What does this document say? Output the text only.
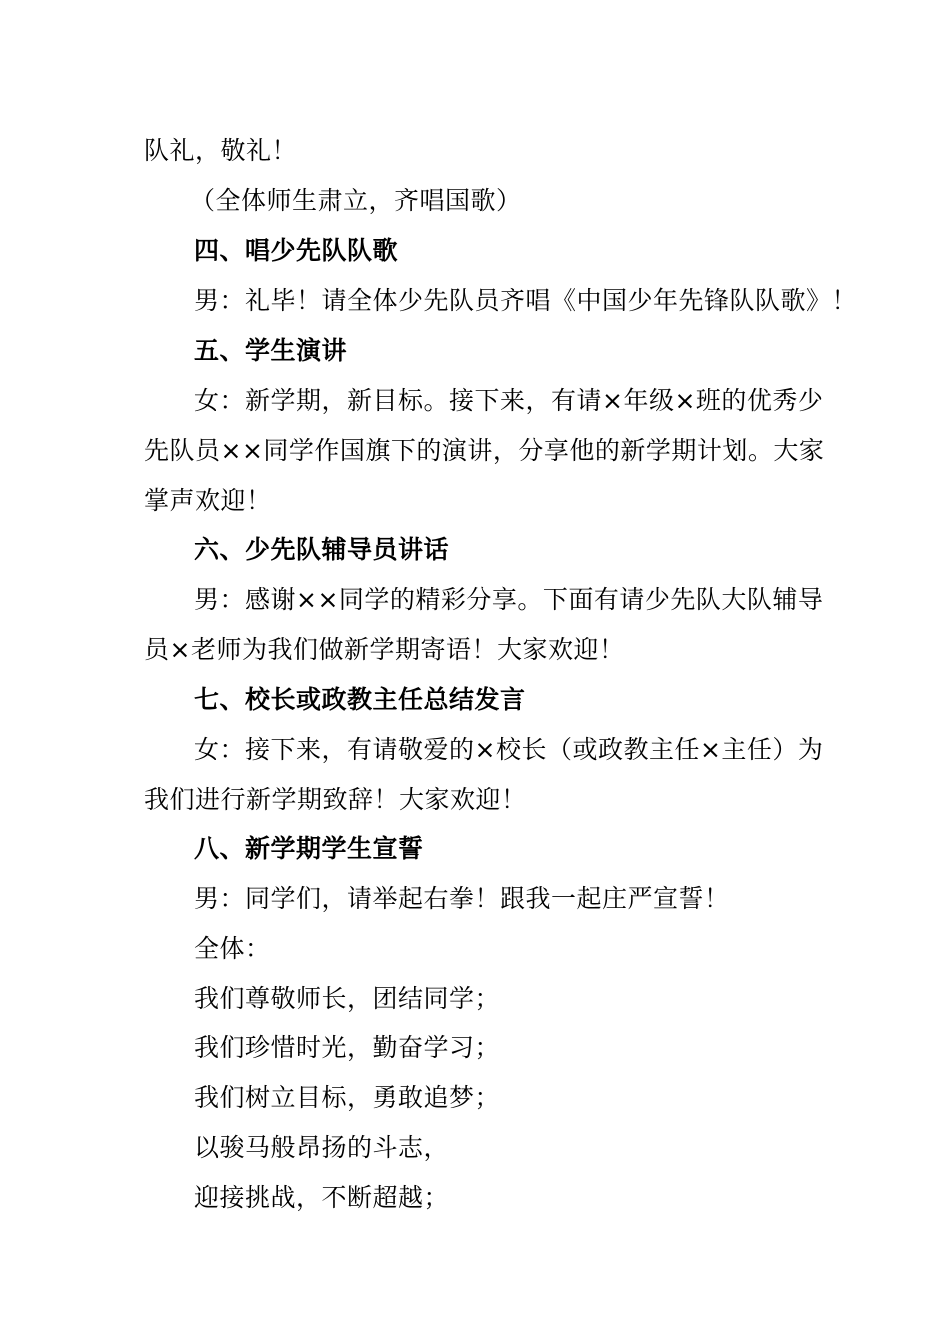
队礼，敬礼！
（全体师生肃立，齐唱国歌）
四、唱少先队队歌
男：礼毕！请全体少先队员齐唱《中国少年先锋队队歌》！
五、学生演讲
女：新学期，新目标。接下来，有请×年级×班的优秀少
先队员××同学作国旗下的演讲，分享他的新学期计划。大家
掌声欢迎！
六、少先队辅导员讲话
男：感谢××同学的精彩分享。下面有请少先队大队辅导
员×老师为我们做新学期寄语！大家欢迎！
七、校长或政教主任总结发言
女：接下来，有请敬爱的×校长（或政教主任×主任）为
我们进行新学期致辞！大家欢迎！
八、新学期学生宣誓
男：同学们，请举起右拳！跟我一起庄严宣誓！
全体：
我们尊敬师长，团结同学；
我们珍惜时光，勤奋学习；
我们树立目标，勇敢追梦；
以骏马般昂扬的斗志，
迎接挑战，不断超越；
